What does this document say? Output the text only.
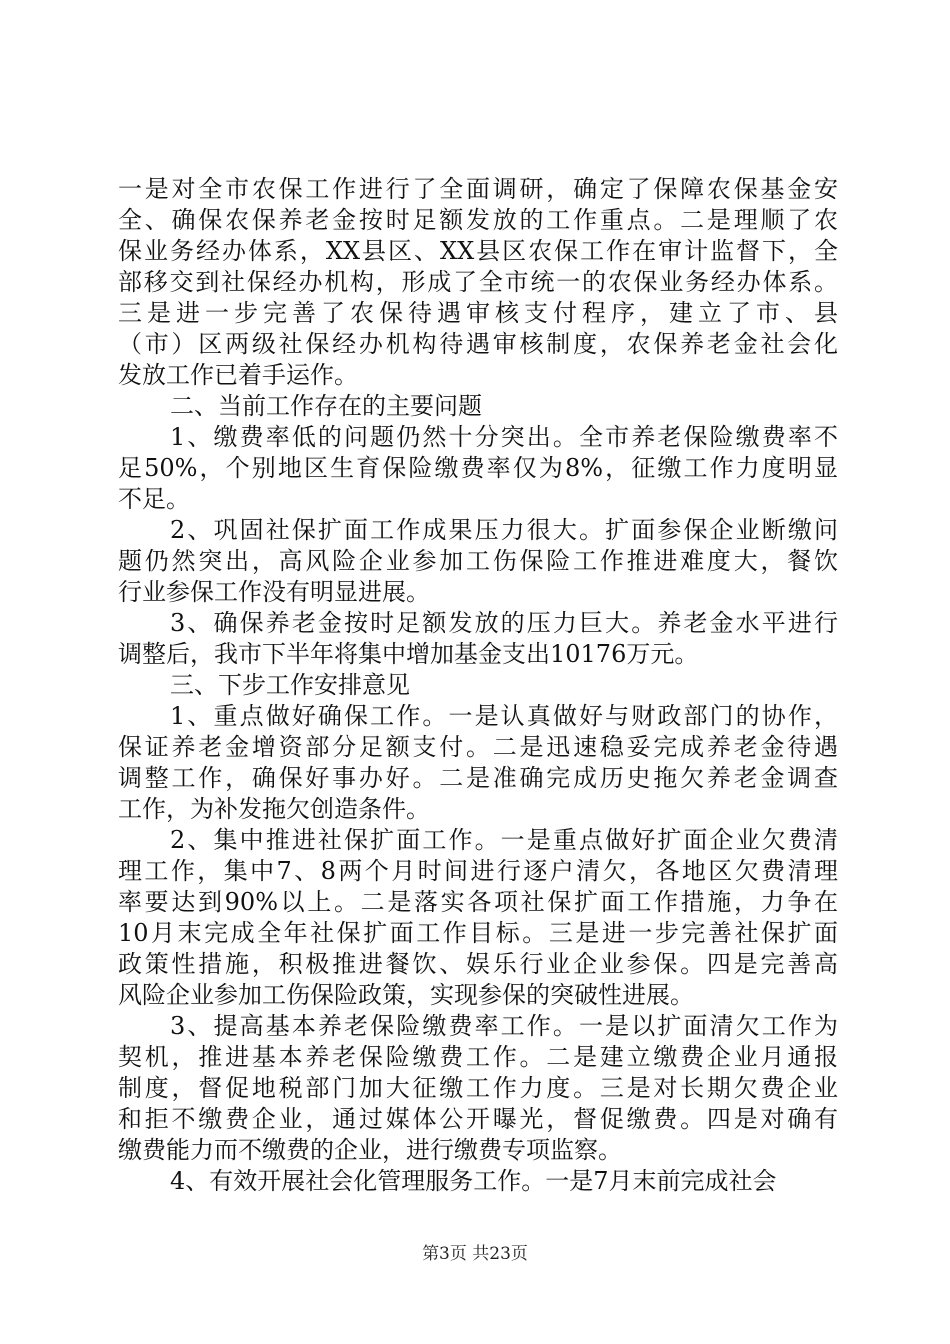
一是对全市农保工作进行了全面调研，确定了保障农保基金安
全、确保农保养老金按时足额发放的工作重点。二是理顺了农
保业务经办体系，XX县区、XX县区农保工作在审计监督下，全
部移交到社保经办机构，形成了全市统一的农保业务经办体系。
三是进一步完善了农保待遇审核支付程序，建立了市、县
（市）区两级社保经办机构待遇审核制度，农保养老金社会化
发放工作已着手运作。
二、当前工作存在的主要问题
1、缴费率低的问题仍然十分突出。全市养老保险缴费率不
足50%，个别地区生育保险缴费率仅为8%，征缴工作力度明显
不足。
2、巩固社保扩面工作成果压力很大。扩面参保企业断缴问
题仍然突出，高风险企业参加工伤保险工作推进难度大，餐饮
行业参保工作没有明显进展。
3、确保养老金按时足额发放的压力巨大。养老金水平进行
调整后，我市下半年将集中增加基金支出10176万元。
三、下步工作安排意见
1、重点做好确保工作。一是认真做好与财政部门的协作，
保证养老金增资部分足额支付。二是迅速稳妥完成养老金待遇
调整工作，确保好事办好。二是准确完成历史拖欠养老金调查
工作，为补发拖欠创造条件。
2、集中推进社保扩面工作。一是重点做好扩面企业欠费清
理工作，集中7、8两个月时间进行逐户清欠，各地区欠费清理
率要达到90%以上。二是落实各项社保扩面工作措施，力争在
10月末完成全年社保扩面工作目标。三是进一步完善社保扩面
政策性措施，积极推进餐饮、娱乐行业企业参保。四是完善高
风险企业参加工伤保险政策，实现参保的突破性进展。
3、提高基本养老保险缴费率工作。一是以扩面清欠工作为
契机，推进基本养老保险缴费工作。二是建立缴费企业月通报
制度，督促地税部门加大征缴工作力度。三是对长期欠费企业
和拒不缴费企业，通过媒体公开曝光，督促缴费。四是对确有
缴费能力而不缴费的企业，进行缴费专项监察。
4、有效开展社会化管理服务工作。一是7月末前完成社会
第3页 共23页
